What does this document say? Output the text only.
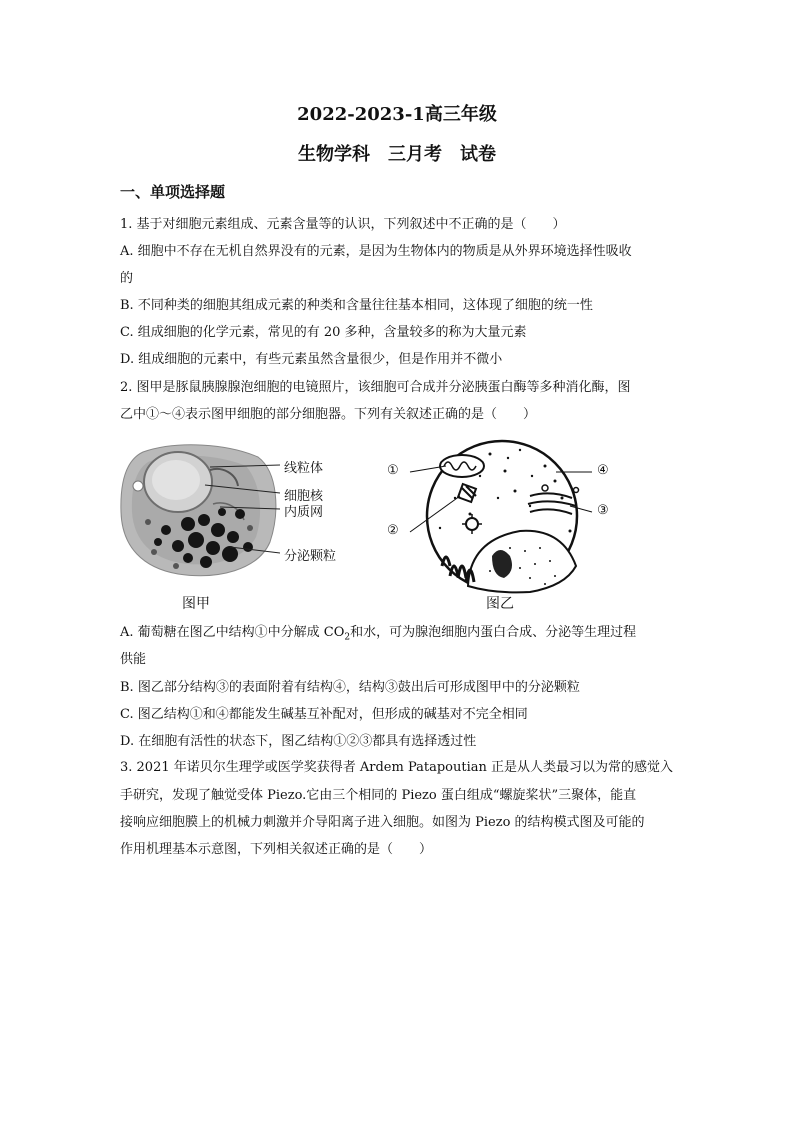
2022-2023-1高三年级
生物学科　三月考　试卷
一、单项选择题
1. 基于对细胞元素组成、元素含量等的认识，下列叙述中不正确的是（　　）
A. 细胞中不存在无机自然界没有的元素，是因为生物体内的物质是从外界环境选择性吸收
的
B. 不同种类的细胞其组成元素的种类和含量往往基本相同，这体现了细胞的统一性
C. 组成细胞的化学元素，常见的有 20 多种，含量较多的称为大量元素
D. 组成细胞的元素中，有些元素虽然含量很少，但是作用并不微小
2. 图甲是豚鼠胰腺腺泡细胞的电镜照片，该细胞可合成并分泌胰蛋白酶等多种消化酶，图
乙中①～④表示图甲细胞的部分细胞器。下列有关叙述正确的是（　　）
线粒体
细胞核
内质网
分泌颗粒
图甲
①
②
③
④
图乙
A. 葡萄糖在图乙中结构①中分解成 $CO_2$和水，可为腺泡细胞内蛋白合成、分泌等生理过程
供能
B. 图乙部分结构③的表面附着有结构④，结构③鼓出后可形成图甲中的分泌颗粒
C. 图乙结构①和④都能发生碱基互补配对，但形成的碱基对不完全相同
D. 在细胞有活性的状态下，图乙结构①②③都具有选择透过性
3. 2021 年诺贝尔生理学或医学奖获得者 Ardem Patapoutian 正是从人类最习以为常的感觉入
手研究，发现了触觉受体 Piezo.它由三个相同的 Piezo 蛋白组成“螺旋桨状”三聚体，能直
接响应细胞膜上的机械力刺激并介导阳离子进入细胞。如图为 Piezo 的结构模式图及可能的
作用机理基本示意图，下列相关叙述正确的是（　　）
